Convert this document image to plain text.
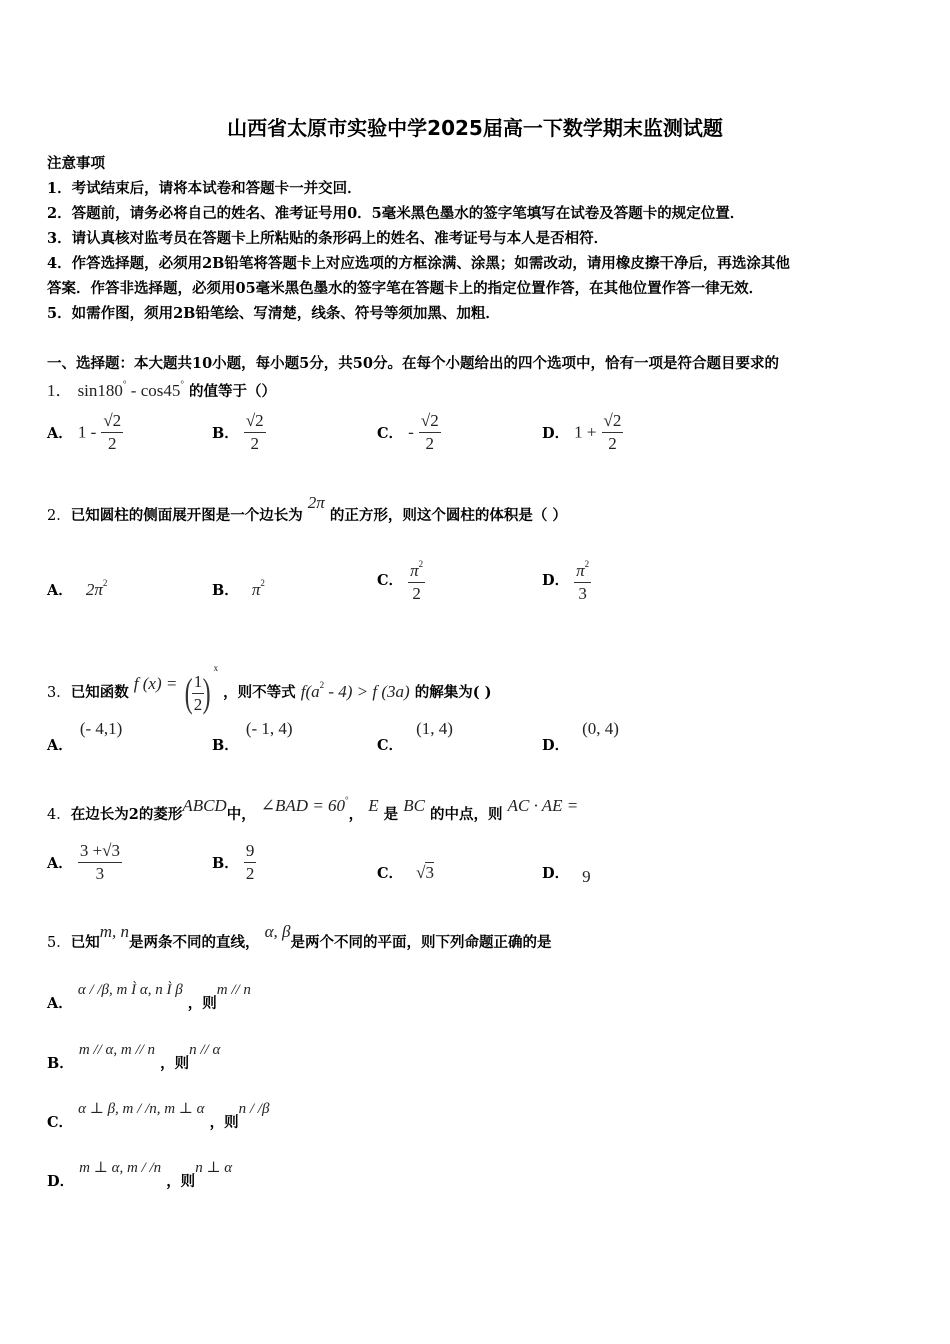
山西省太原市实验中学2025届高一下数学期末监测试题
注意事项
1．考试结束后，请将本试卷和答题卡一并交回．
2．答题前，请务必将自己的姓名、准考证号用0．5毫米黑色墨水的签字笔填写在试卷及答题卡的规定位置．
3．请认真核对监考员在答题卡上所粘贴的条形码上的姓名、准考证号与本人是否相符．
4．作答选择题，必须用2B铅笔将答题卡上对应选项的方框涂满、涂黑；如需改动，请用橡皮擦干净后，再选涂其他
答案．作答非选择题，必须用05毫米黑色墨水的签字笔在答题卡上的指定位置作答，在其他位置作答一律无效．
5．如需作图，须用2B铅笔绘、写清楚，线条、符号等须加黑、加粗．
一、选择题：本大题共10小题，每小题5分，共50分。在每个小题给出的四个选项中，恰有一项是符合题目要求的
1． sin180° - cos45° 的值等于（）
A． $1 - \frac{√2}{2}$	B． $\frac{√2}{2}$	C． - $\frac{√2}{2}$	D． $1 + \frac{√2}{2}$
2．已知圆柱的侧面展开图是一个边长为 2π 的正方形，则这个圆柱的体积是（ ）
A． $2\pi^2$	B． $\pi^2$	C． $\frac{\pi^2}{2}$	D． $\frac{\pi^2}{3}$
3．已知函数 f (x) = (
$\frac{1}{2}$
)$^x$ ，则不等式 $f(a^2 - 4) > f$ (3a) 的解集为( )
A． (- 4,1)
B． (- 1, 4)
C． (1, 4)
D． (0, 4)
4．在边长为2的菱形ABCD中， ∠BAD = 60°， E 是 BC 的中点，则 AC · AE =
A． $\frac{3 +√3}{3}$	B． $\frac{9}{2}$	C． √3	D． 9
5．已知m, n是两条不同的直线， α, β是两个不同的平面，则下列命题正确的是
A． α / /β, m Ì α, n Ì β ，则m // n
B． m // α, m // n ，则n // α
C． α ⊥ β, m / /n, m ⊥ α ，则n / /β
D． m ⊥ α, m / /n ，则n ⊥ α
